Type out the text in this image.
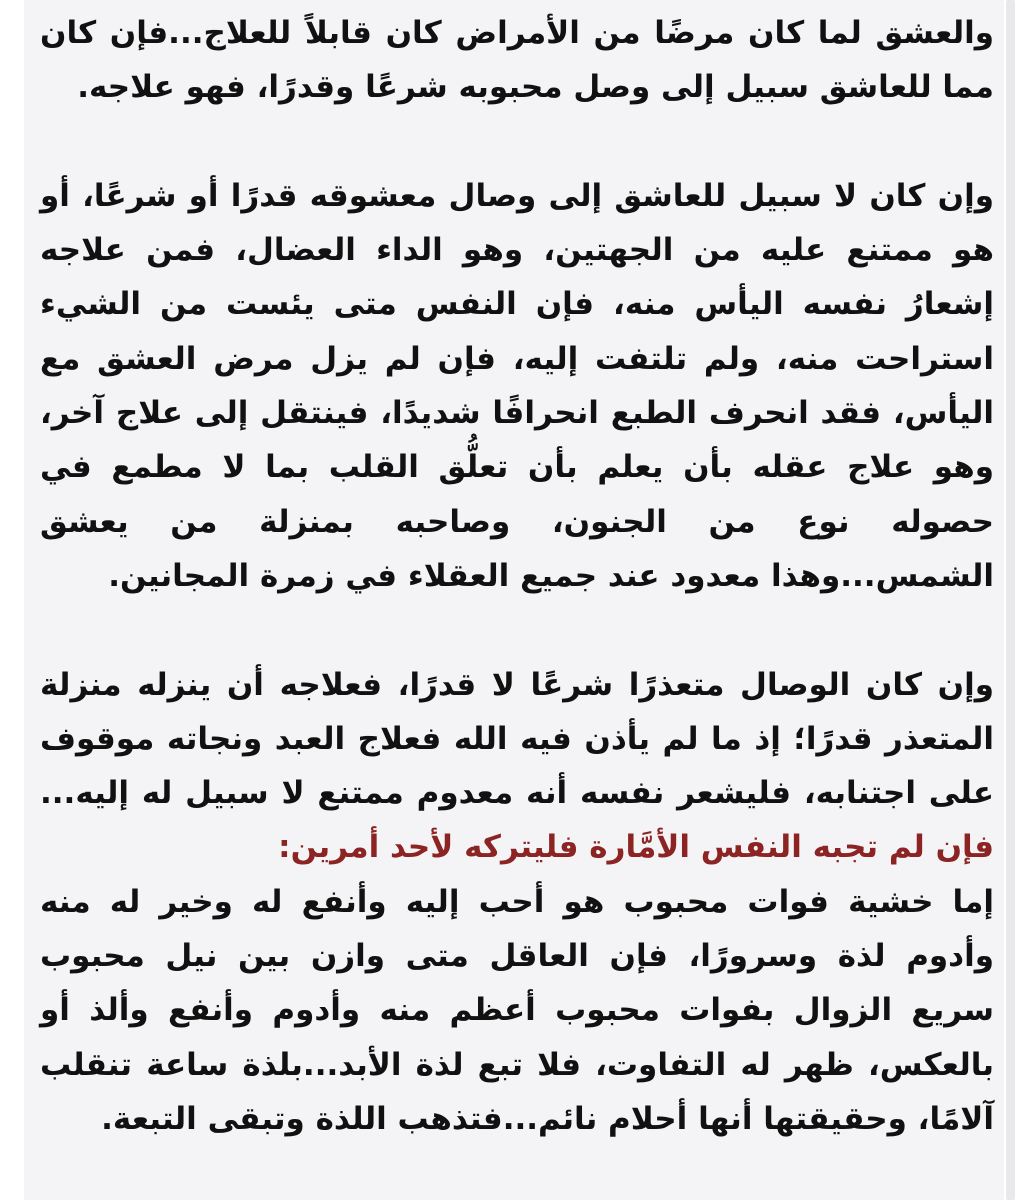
والعشق لما كان مرضًا من الأمراض كان قابلاً للعلاج...فإن كان مما للعاشق سبيل إلى وصل محبوبه شرعًا وقدرًا، فهو علاجه.

وإن كان لا سبيل للعاشق إلى وصال معشوقه قدرًا أو شرعًا، أو هو ممتنع عليه من الجهتين، وهو الداء العضال، فمن علاجه إشعارُ نفسه اليأس منه، فإن النفس متى يئست من الشيء استراحت منه، ولم تلتفت إليه، فإن لم يزل مرض العشق مع اليأس، فقد انحرف الطبع انحرافًا شديدًا، فينتقل إلى علاج آخر، وهو علاج عقله بأن يعلم بأن تعلُّق القلب بما لا مطمع في حصوله نوع من الجنون، وصاحبه بمنزلة من يعشق الشمس...وهذا معدود عند جميع العقلاء في زمرة المجانين.

وإن كان الوصال متعذرًا شرعًا لا قدرًا، فعلاجه أن ينزله منزلة المتعذر قدرًا؛ إذ ما لم يأذن فيه الله فعلاج العبد ونجاته موقوف على اجتنابه، فليشعر نفسه أنه معدوم ممتنع لا سبيل له إليه... فإن لم تجبه النفس الأمَّارة فليتركه لأحد أمرين:
إما خشية فوات محبوب هو أحب إليه وأنفع له وخير له منه وأدوم لذة وسرورًا، فإن العاقل متى وازن بين نيل محبوب سريع الزوال بفوات محبوب أعظم منه وأدوم وأنفع وألذ أو بالعكس، ظهر له التفاوت، فلا تبع لذة الأبد...بلذة ساعة تنقلب آلامًا، وحقيقتها أنها أحلام نائم...فتذهب اللذة وتبقى التبعة.
